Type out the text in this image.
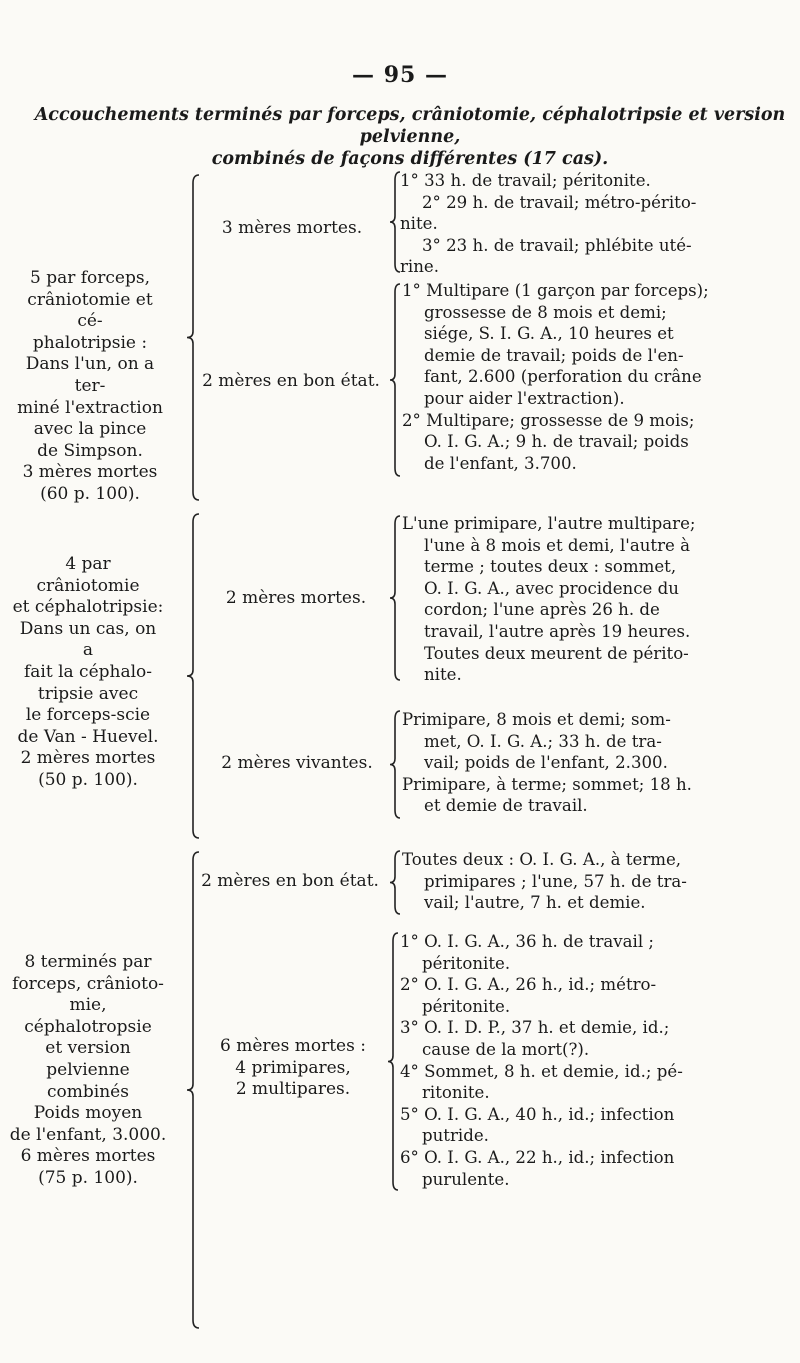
— 95 —
Accouchements terminés par forceps, crâniotomie, céphalotripsie et version pelvienne,
combinés de façons différentes (17 cas).
5 par forceps, crâniotomie et cé-
phalotripsie :
Dans l'un, on a ter-
miné l'extraction
avec la pince
de Simpson.
3 mères mortes
(60 p. 100).
3 mères mortes.
1° 33 h. de travail; péritonite.
2° 29 h. de travail; métro-périto-
nite.
3° 23 h. de travail; phlébite uté-
rine.
2 mères en bon état.
1° Multipare (1 garçon par forceps);
grossesse de 8 mois et demi;
siége, S. I. G. A., 10 heures et
demie de travail; poids de l'en-
fant, 2.600 (perforation du crâne
pour aider l'extraction).
2° Multipare; grossesse de 9 mois;
O. I. G. A.; 9 h. de travail; poids
de l'enfant, 3.700.
4 par crâniotomie
et céphalotripsie:
Dans un cas, on a
fait la céphalo-
tripsie avec
le forceps-scie
de Van - Huevel.
2 mères mortes
(50 p. 100).
2 mères mortes.
L'une primipare, l'autre multipare;
l'une à 8 mois et demi, l'autre à
terme ; toutes deux : sommet,
O. I. G. A., avec procidence du
cordon; l'une après 26 h. de
travail, l'autre après 19 heures.
Toutes deux meurent de périto-
nite.
2 mères vivantes.
Primipare, 8 mois et demi; som-
met, O. I. G. A.; 33 h. de tra-
vail; poids de l'enfant, 2.300.
Primipare, à terme; sommet; 18 h.
et demie de travail.
8 terminés par
forceps, crânioto-
mie, céphalotropsie
et version
pelvienne combinés
Poids moyen
de l'enfant, 3.000.
6 mères mortes
(75 p. 100).
2 mères en bon état.
Toutes deux : O. I. G. A., à terme,
primipares ; l'une, 57 h. de tra-
vail; l'autre, 7 h. et demie.
6 mères mortes :
4 primipares,
2 multipares.
1° O. I. G. A., 36 h. de travail ;
péritonite.
2° O. I. G. A., 26 h., id.; métro-
péritonite.
3° O. I. D. P., 37 h. et demie, id.;
cause de la mort(?).
4° Sommet, 8 h. et demie, id.; pé-
ritonite.
5° O. I. G. A., 40 h., id.; infection
putride.
6° O. I. G. A., 22 h., id.; infection
purulente.
